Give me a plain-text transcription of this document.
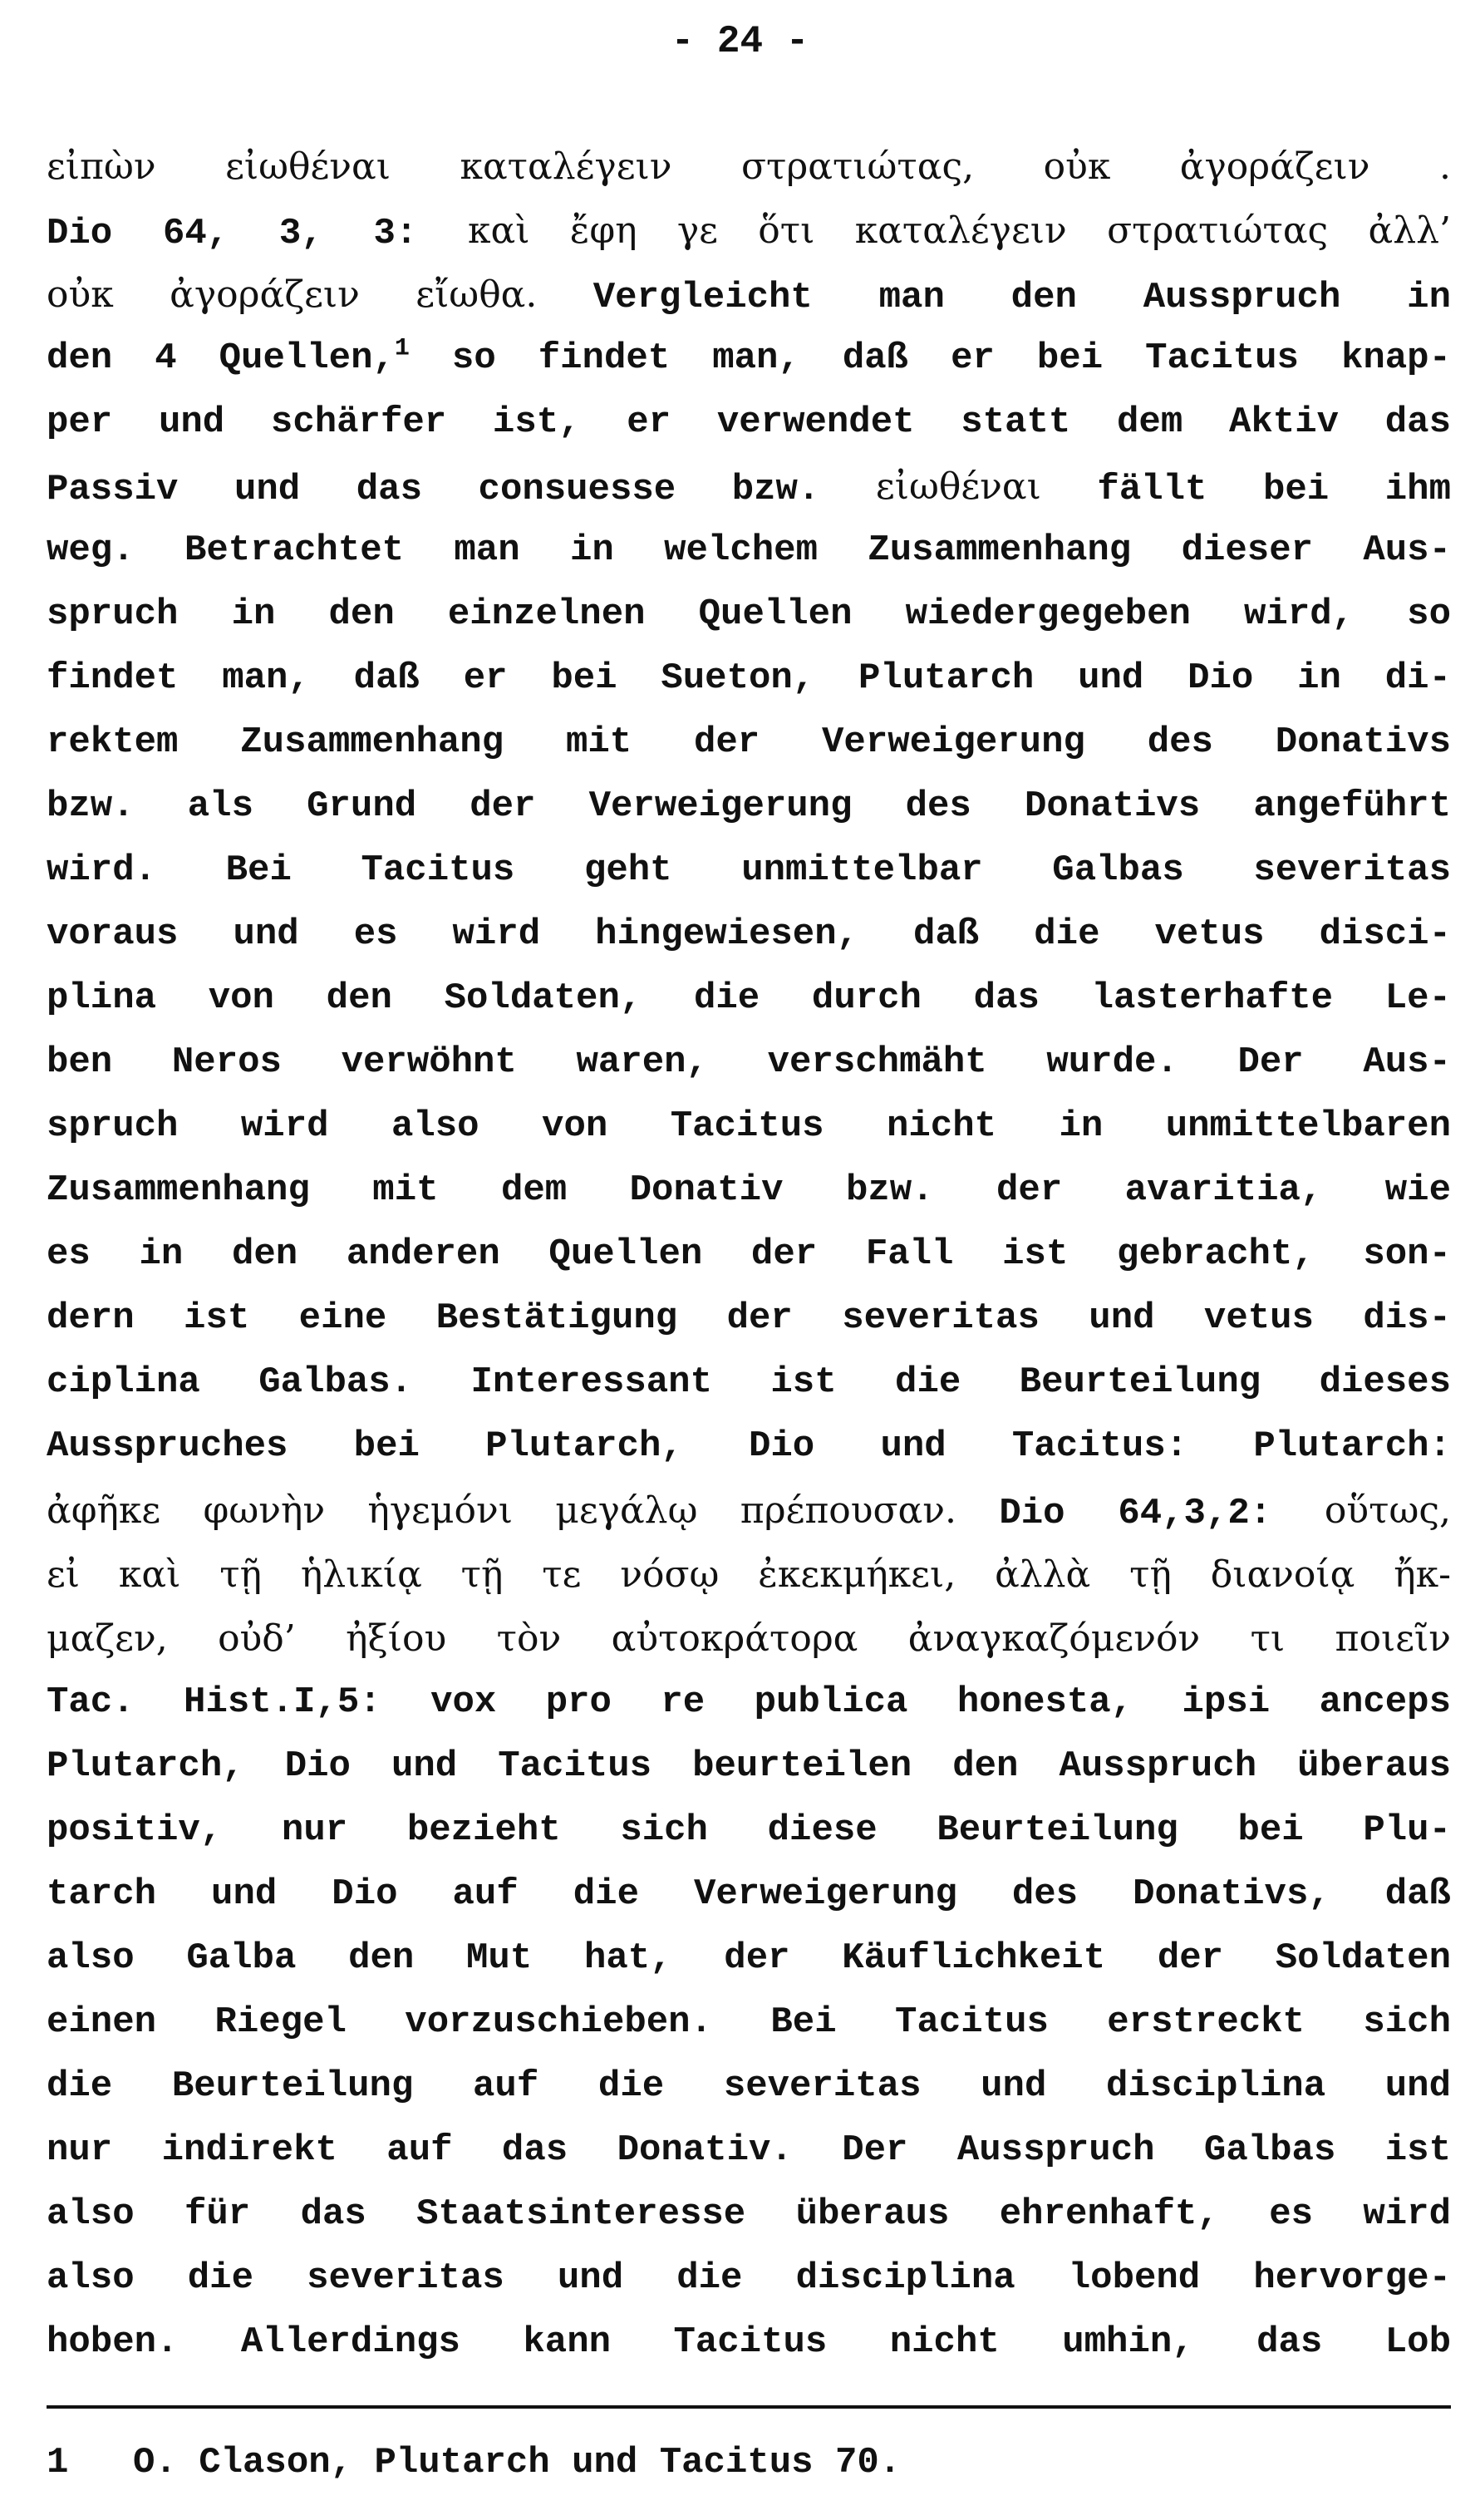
- 24 -
εἰπὼν εἰωθέναι καταλέγειν στρατιώτας, οὐκ ἀγοράζειν .
Dio 64, 3, 3: καὶ ἔφη γε ὅτι καταλέγειν στρατιώτας ἀλλ’
οὐκ ἀγοράζειν εἴωθα. Vergleicht man den Ausspruch in
den 4 Quellen,$^1$ so findet man, daß er bei Tacitus knap-
per und schärfer ist, er verwendet statt dem Aktiv das
Passiv und das consuesse bzw. εἰωθέναι fällt bei ihm
weg. Betrachtet man in welchem Zusammenhang dieser Aus-
spruch in den einzelnen Quellen wiedergegeben wird, so
findet man, daß er bei Sueton, Plutarch und Dio in di-
rektem Zusammenhang mit der Verweigerung des Donativs
bzw. als Grund der Verweigerung des Donativs angeführt
wird. Bei Tacitus geht unmittelbar Galbas severitas
voraus und es wird hingewiesen, daß die vetus disci-
plina von den Soldaten, die durch das lasterhafte Le-
ben Neros verwöhnt waren, verschmäht wurde. Der Aus-
spruch wird also von Tacitus nicht in unmittelbaren
Zusammenhang mit dem Donativ bzw. der avaritia, wie
es in den anderen Quellen der Fall ist gebracht, son-
dern ist eine Bestätigung der severitas und vetus dis-
ciplina Galbas. Interessant ist die Beurteilung dieses
Ausspruches bei Plutarch, Dio und Tacitus: Plutarch:
ἀφῆκε φωνὴν ἡγεμόνι μεγάλῳ πρέπουσαν. Dio 64,3,2: οὕτως,
εἰ καὶ τῇ ἡλικίᾳ τῇ τε νόσῳ ἐκεκμήκει, ἀλλὰ τῇ διανοίᾳ ἤκ-
μαζεν, οὐδ’ ἠξίου τὸν αὐτοκράτορα ἀναγκαζόμενόν τι ποιεῖν
Tac. Hist.I,5: vox pro re publica honesta, ipsi anceps
Plutarch, Dio und Tacitus beurteilen den Ausspruch überaus
positiv, nur bezieht sich diese Beurteilung bei Plu-
tarch und Dio auf die Verweigerung des Donativs, daß
also Galba den Mut hat, der Käuflichkeit der Soldaten
einen Riegel vorzuschieben. Bei Tacitus erstreckt sich
die Beurteilung auf die severitas und disciplina und
nur indirekt auf das Donativ. Der Ausspruch Galbas ist
also für das Staatsinteresse überaus ehrenhaft, es wird
also die severitas und die disciplina lobend hervorge-
hoben. Allerdings kann Tacitus nicht umhin, das Lob
1 O. Clason, Plutarch und Tacitus 70.
